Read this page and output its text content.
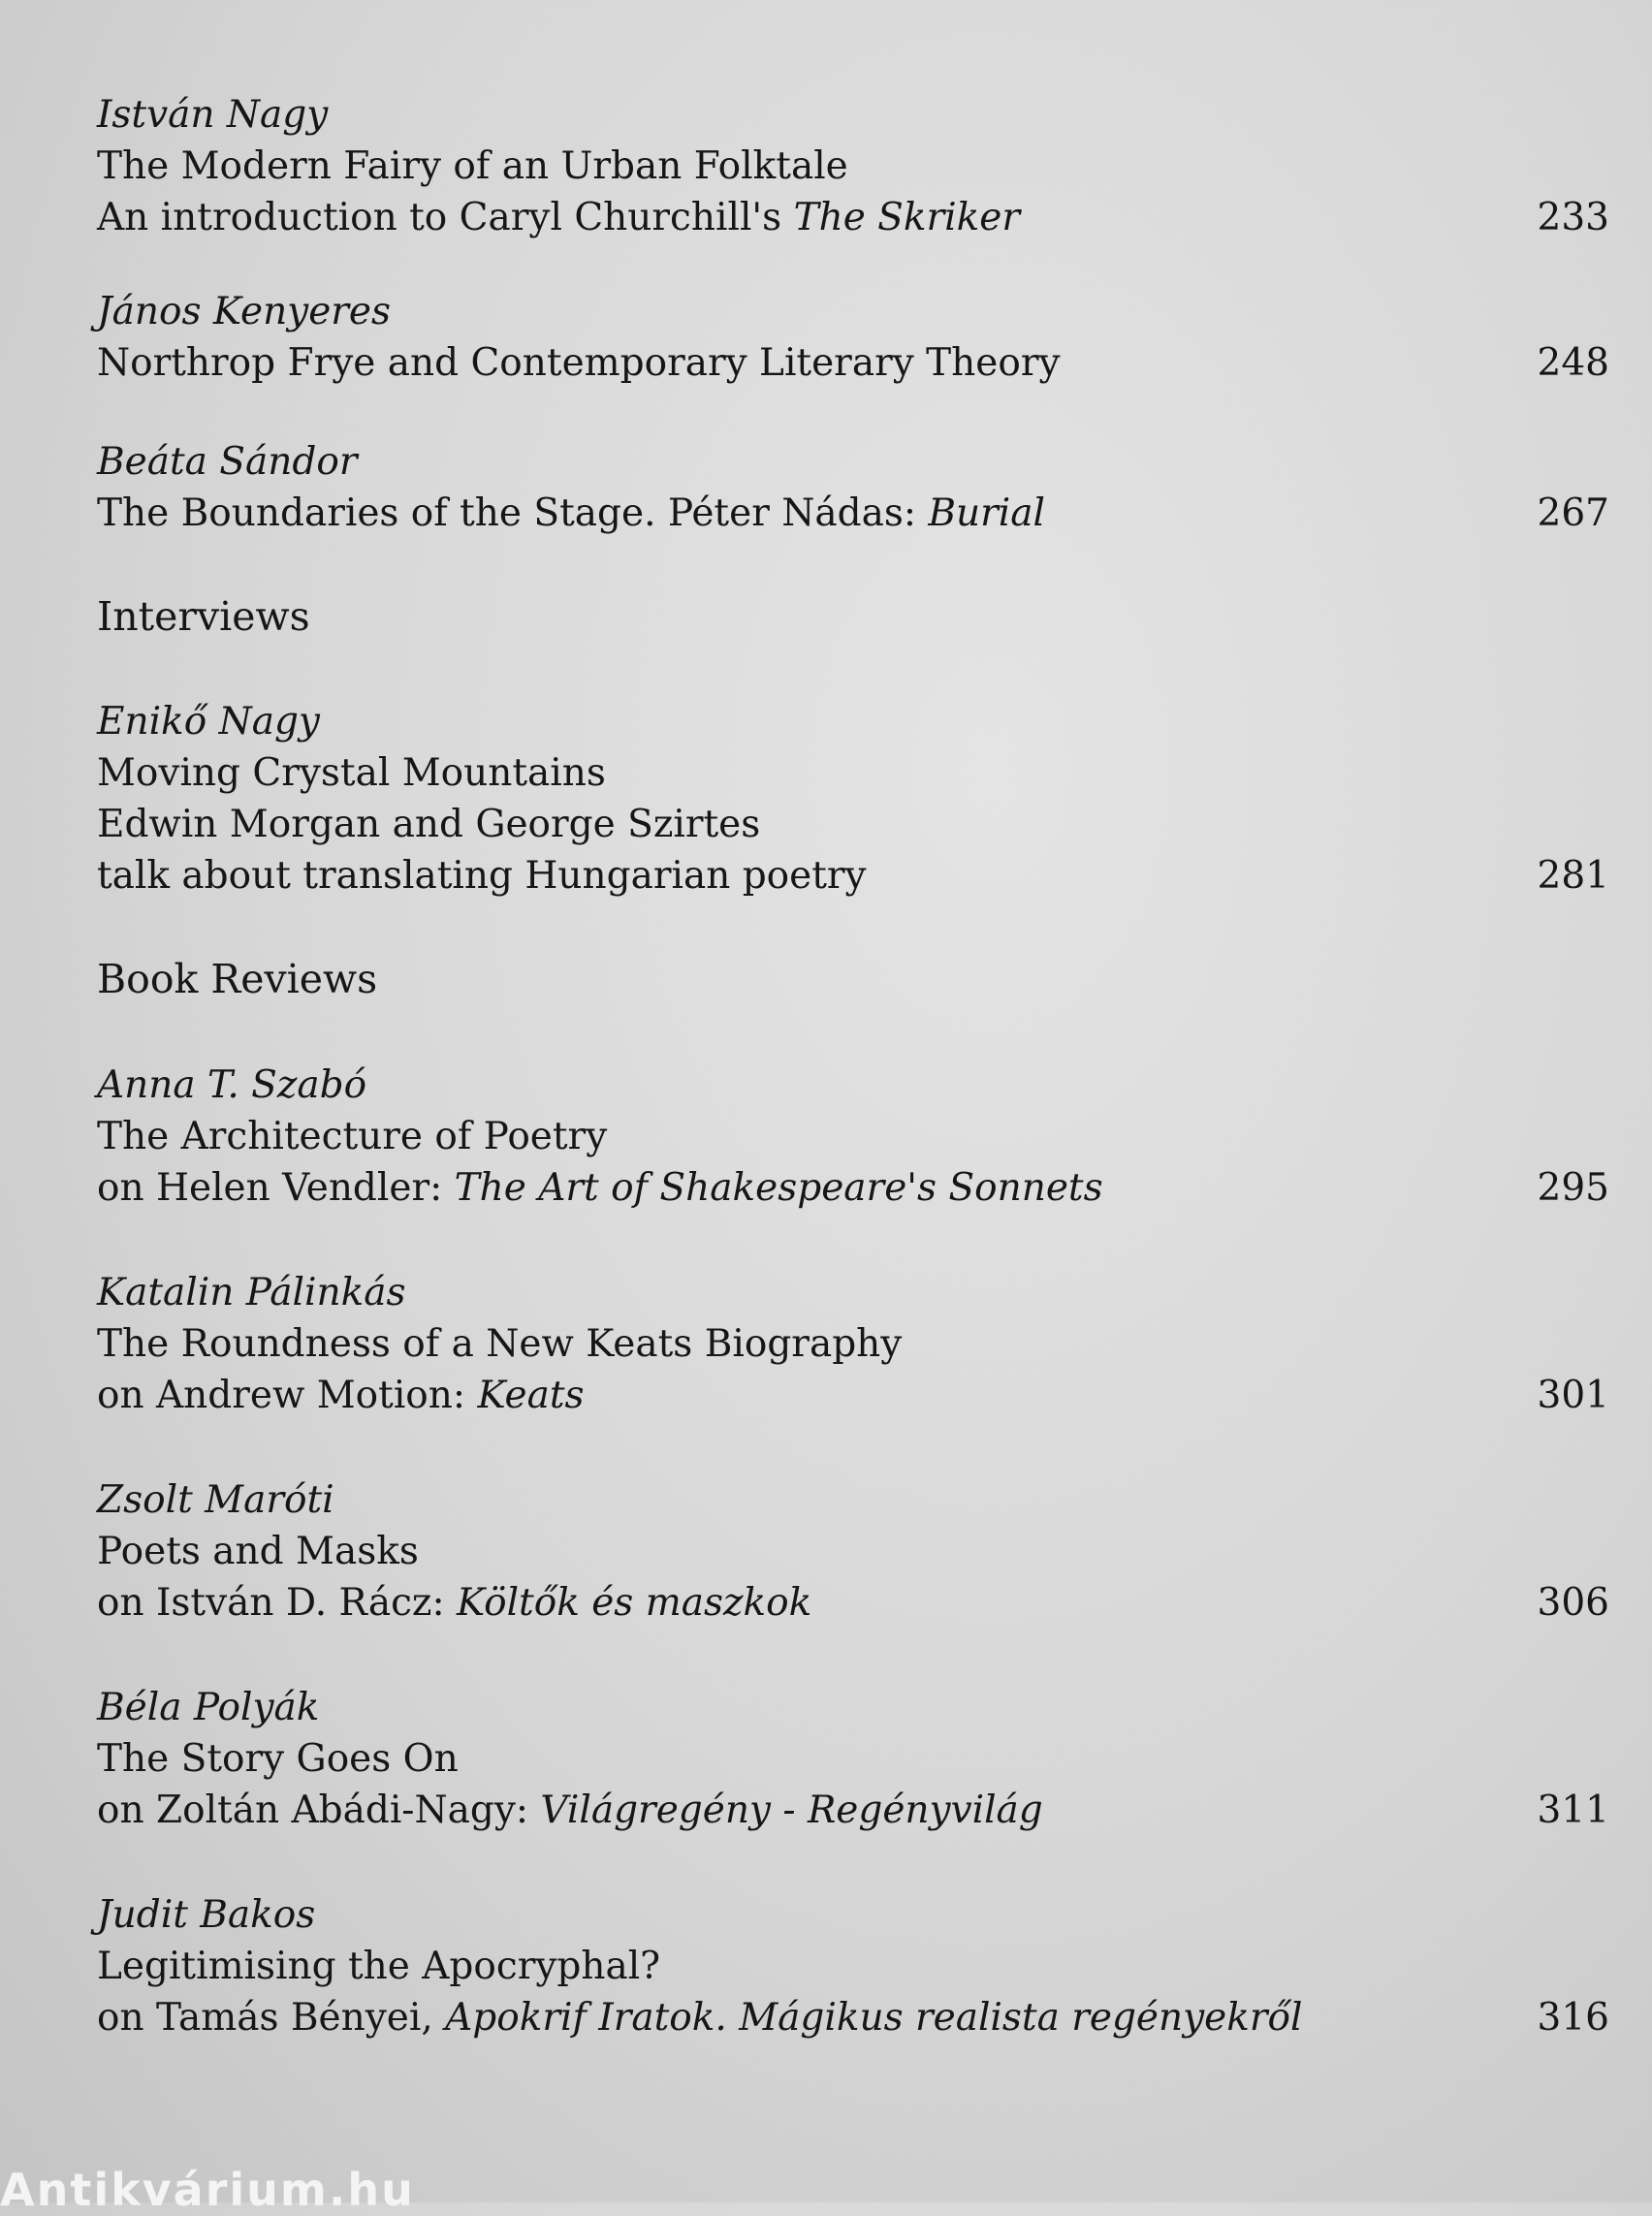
István Nagy
The Modern Fairy of an Urban Folktale
An introduction to Caryl Churchill's The Skriker	233
János Kenyeres
Northrop Frye and Contemporary Literary Theory	248
Beáta Sándor
The Boundaries of the Stage. Péter Nádas: Burial	267
Interviews
Enikő Nagy
Moving Crystal Mountains
Edwin Morgan and George Szirtes
talk about translating Hungarian poetry	281
Book Reviews
Anna T. Szabó
The Architecture of Poetry
on Helen Vendler: The Art of Shakespeare's Sonnets	295
Katalin Pálinkás
The Roundness of a New Keats Biography
on Andrew Motion: Keats	301
Zsolt Maróti
Poets and Masks
on István D. Rácz: Költők és maszkok	306
Béla Polyák
The Story Goes On
on Zoltán Abádi-Nagy: Világregény - Regényvilág	311
Judit Bakos
Legitimising the Apocryphal?
on Tamás Bényei, Apokrif Iratok. Mágikus realista regényekről	316
Antikvárium.hu
